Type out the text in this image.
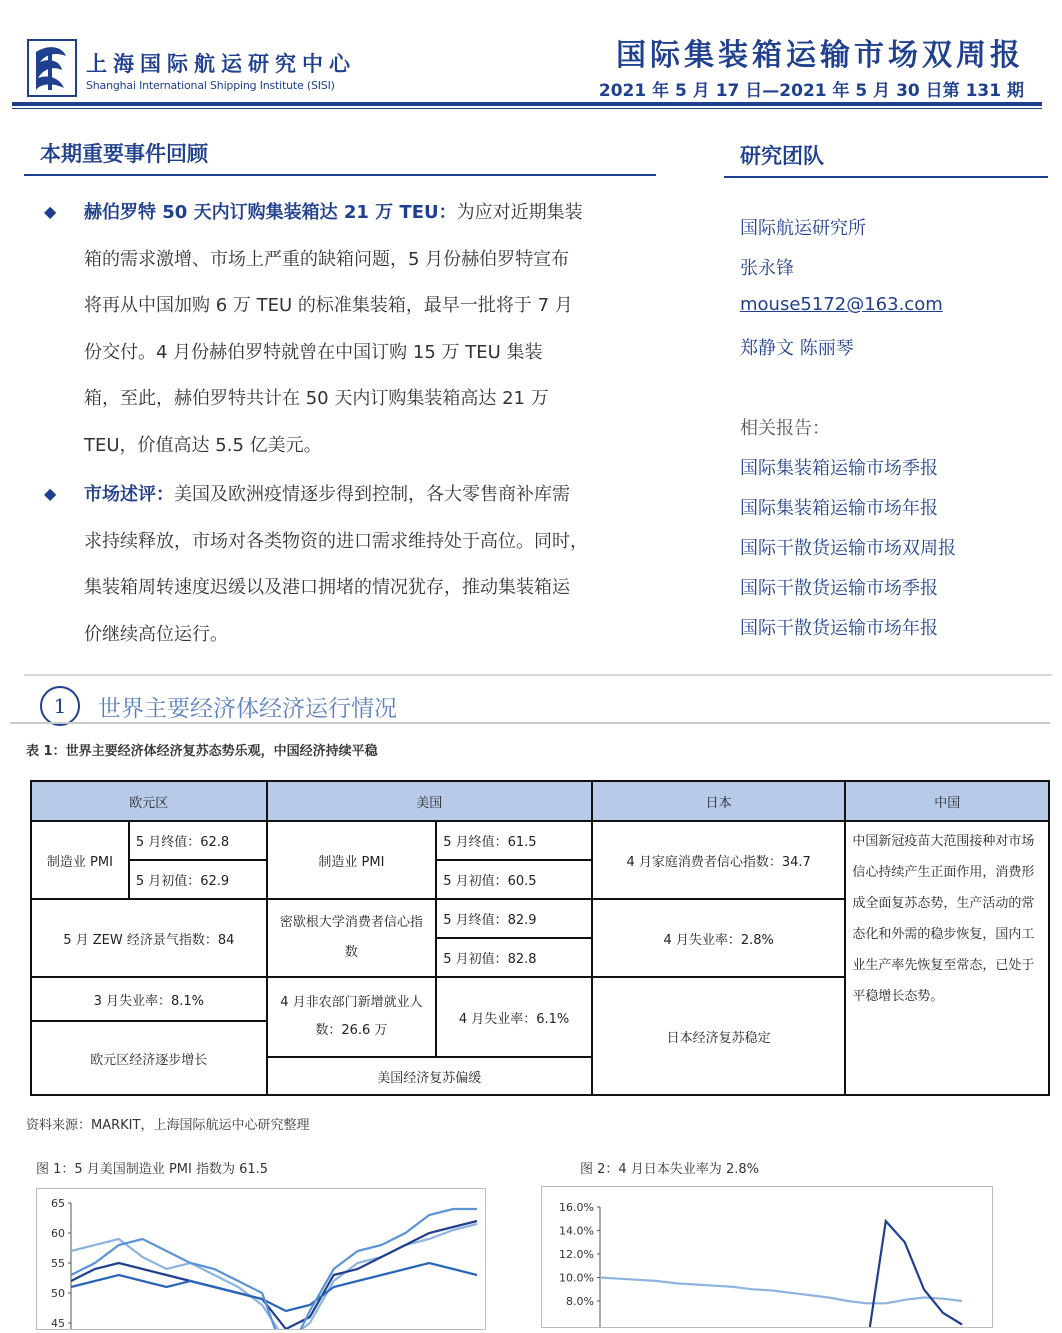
上海国际航运研究中心
Shanghai International Shipping Institute (SISI)
国际集装箱运输市场双周报
2021 年 5 月 17 日—2021 年 5 月 30 日第 131 期
本期重要事件回顾
◆ 赫伯罗特 50 天内订购集装箱达 21 万 TEU：为应对近期集装
箱的需求激增、市场上严重的缺箱问题，5 月份赫伯罗特宣布
将再从中国加购 6 万 TEU 的标准集装箱，最早一批将于 7 月
份交付。4 月份赫伯罗特就曾在中国订购 15 万 TEU 集装
箱，至此，赫伯罗特共计在 50 天内订购集装箱高达 21 万
TEU，价值高达 5.5 亿美元。
◆ 市场述评：美国及欧洲疫情逐步得到控制，各大零售商补库需
求持续释放，市场对各类物资的进口需求维持处于高位。同时，
集装箱周转速度迟缓以及港口拥堵的情况犹存，推动集装箱运
价继续高位运行。
研究团队
国际航运研究所
张永锋
mouse5172@163.com
郑静文 陈丽琴
相关报告：
国际集装箱运输市场季报
国际集装箱运输市场年报
国际干散货运输市场双周报
国际干散货运输市场季报
国际干散货运输市场年报
1	世界主要经济体经济运行情况
表 1：世界主要经济体经济复苏态势乐观，中国经济持续平稳
欧元区		美国		日本	中国
制造业 PMI	5 月终值：62.8	制造业 PMI	5 月终值：61.5	4 月家庭消费者信心指数：34.7	中国新冠疫苗大范围接种对市场信心持续产生正面作用，消费形成全面复苏态势，生产活动的常态化和外需的稳步恢复，国内工业生产率先恢复至常态，已处于平稳增长态势。
	5 月初值：62.9		5 月初值：60.5		
5 月 ZEW 经济景气指数：84		密歇根大学消费者信心指数	5 月终值：82.9	4 月失业率：2.8%	
			5 月初值：82.8		
3 月失业率：8.1%		4 月非农部门新增就业人数：26.6 万	4 月失业率：6.1%	日本经济复苏稳定	
欧元区经济逐步增长					
		美国经济复苏偏缓			
资料来源：MARKIT，上海国际航运中心研究整理
图 1：5 月美国制造业 PMI 指数为 61.5	图 2：4 月日本失业率为 2.8%
65
60
55
50
45
16.0%
14.0%
12.0%
10.0%
8.0%
